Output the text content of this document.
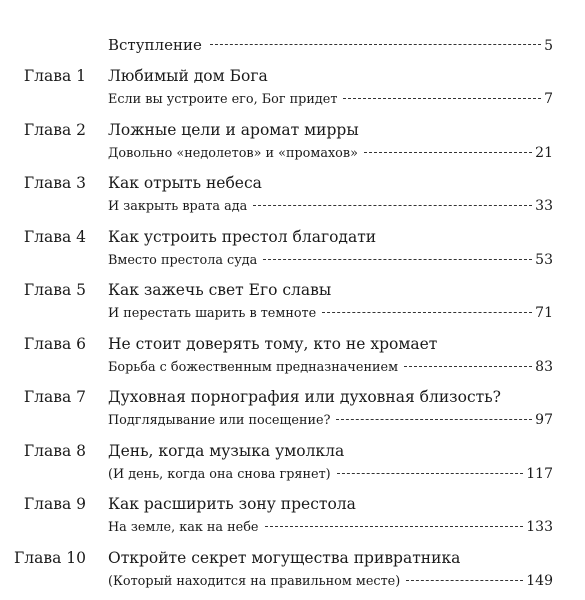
Вступление	5
Глава 1 Любимый дом Бога
Если вы устроите его, Бог придет	7
Глава 2 Ложные цели и аромат мирры
Довольно «недолетов» и «промахов»	21
Глава 3 Как отрыть небеса
И закрыть врата ада	33
Глава 4 Как устроить престол благодати
Вместо престола суда	53
Глава 5 Как зажечь свет Его славы
И перестать шарить в темноте	71
Глава 6 Не стоит доверять тому, кто не хромает
Борьба с божественным предназначением	83
Глава 7 Духовная порнография или духовная близость?
Подглядывание или посещение?	97
Глава 8 День, когда музыка умолкла
(И день, когда она снова грянет)	117
Глава 9 Как расширить зону престола
На земле, как на небе	133
Глава 10 Откройте секрет могущества привратника
(Который находится на правильном месте)	149
